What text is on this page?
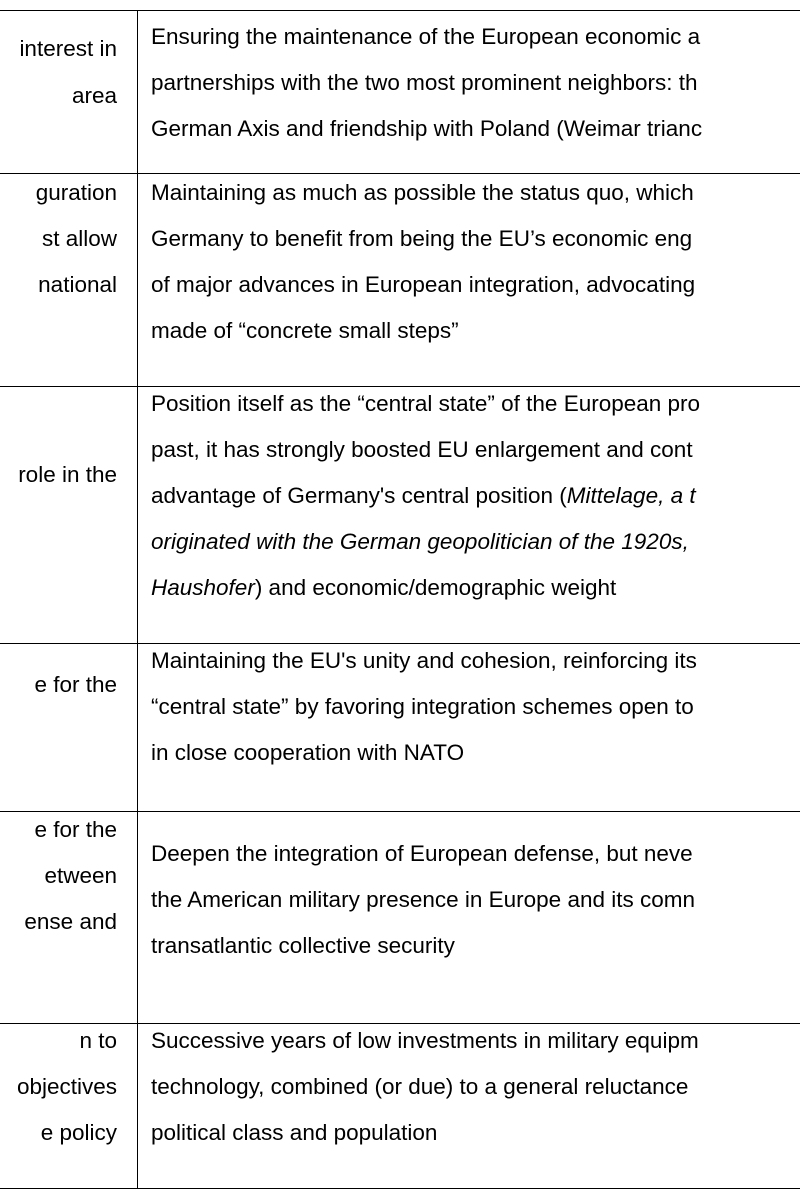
interest in
area
Ensuring the maintenance of the European economic a
partnerships with the two most prominent neighbors: th
German Axis and friendship with Poland (Weimar trianc
guration
st allow
national
Maintaining as much as possible the status quo, which
Germany to benefit from being the EU’s economic eng
of major advances in European integration, advocating
made of “concrete small steps”
role in the
Position itself as the “central state” of the European pro
past, it has strongly boosted EU enlargement and cont
advantage of Germany's central position (Mittelage, a t
originated with the German geopolitician of the 1920s,
Haushofer) and economic/demographic weight
e for the
Maintaining the EU's unity and cohesion, reinforcing its
“central state” by favoring integration schemes open to
in close cooperation with NATO
e for the
etween
ense and
Deepen the integration of European defense, but neve
the American military presence in Europe and its comn
transatlantic collective security
n to
objectives
e policy
Successive years of low investments in military equipm
technology, combined (or due) to a general reluctance
political class and population
